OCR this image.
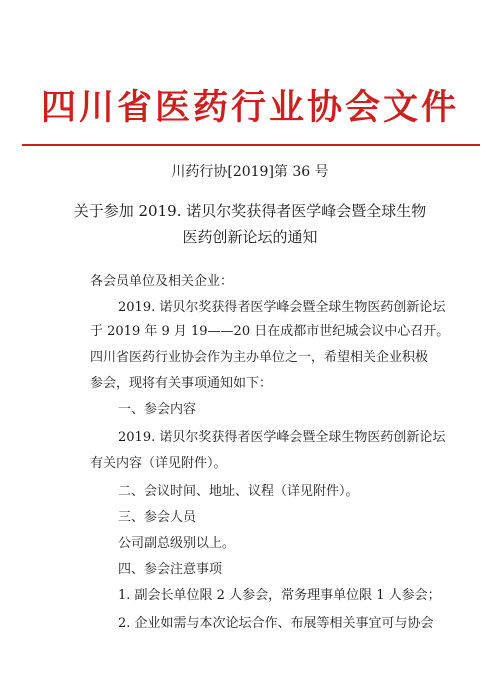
四川省医药行业协会文件
川药行协[2019]第 36 号
关于参加 2019. 诺贝尔奖获得者医学峰会暨全球生物
医药创新论坛的通知
各会员单位及相关企业：
2019. 诺贝尔奖获得者医学峰会暨全球生物医药创新论坛
于 2019 年 9 月 19——20 日在成都市世纪城会议中心召开。
四川省医药行业协会作为主办单位之一，希望相关企业积极
参会，现将有关事项通知如下：
一、参会内容
2019. 诺贝尔奖获得者医学峰会暨全球生物医药创新论坛
有关内容（详见附件）。
二、会议时间、地址、议程（详见附件）。
三、参会人员
公司副总级别以上。
四、参会注意事项
1. 副会长单位限 2 人参会，常务理事单位限 1 人参会；
2. 企业如需与本次论坛合作、布展等相关事宜可与协会
